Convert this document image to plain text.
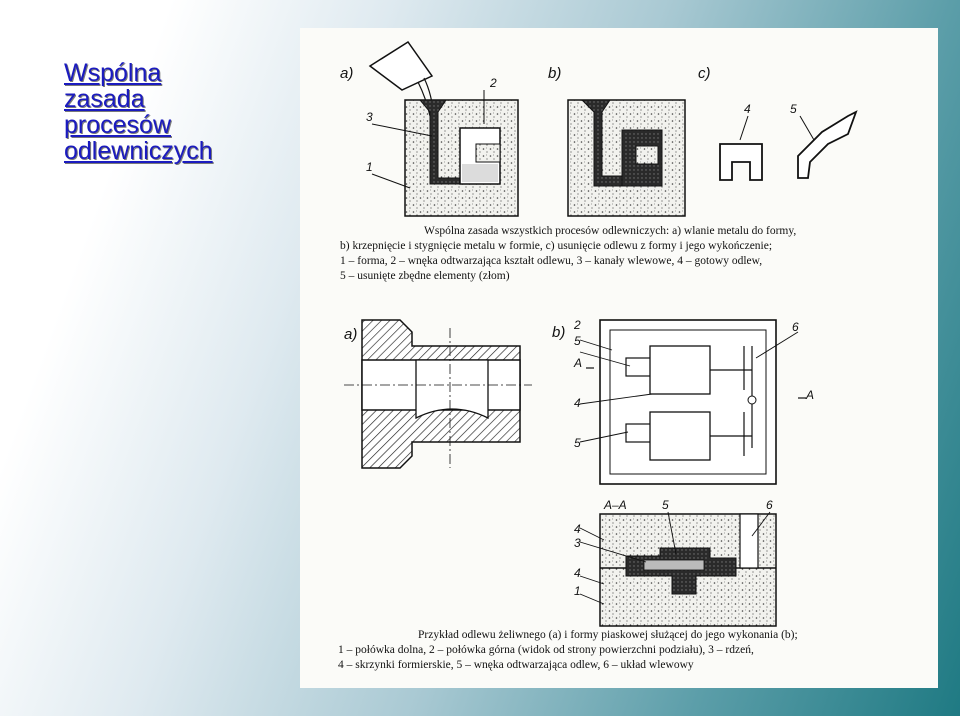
Wspólna
zasada
procesów
odlewniczych
a)	b)	c)
2
3
1
4	5
Wspólna zasada wszystkich procesów odlewniczych: a) wlanie metalu do formy,
b) krzepnięcie i stygnięcie metalu w formie, c) usunięcie odlewu z formy i jego wykończenie;
1 – forma, 2 – wnęka odtwarzająca kształt odlewu, 3 – kanały wlewowe, 4 – gotowy odlew,
5 – usunięte zbędne elementy (złom)
a)	b) 2
5
A
4
5
6
A
A–A	5	6
4
3
4
1
Przykład odlewu żeliwnego (a) i formy piaskowej służącej do jego wykonania (b);
1 – połówka dolna, 2 – połówka górna (widok od strony powierzchni podziału), 3 – rdzeń,
4 – skrzynki formierskie, 5 – wnęka odtwarzająca odlew, 6 – układ wlewowy
